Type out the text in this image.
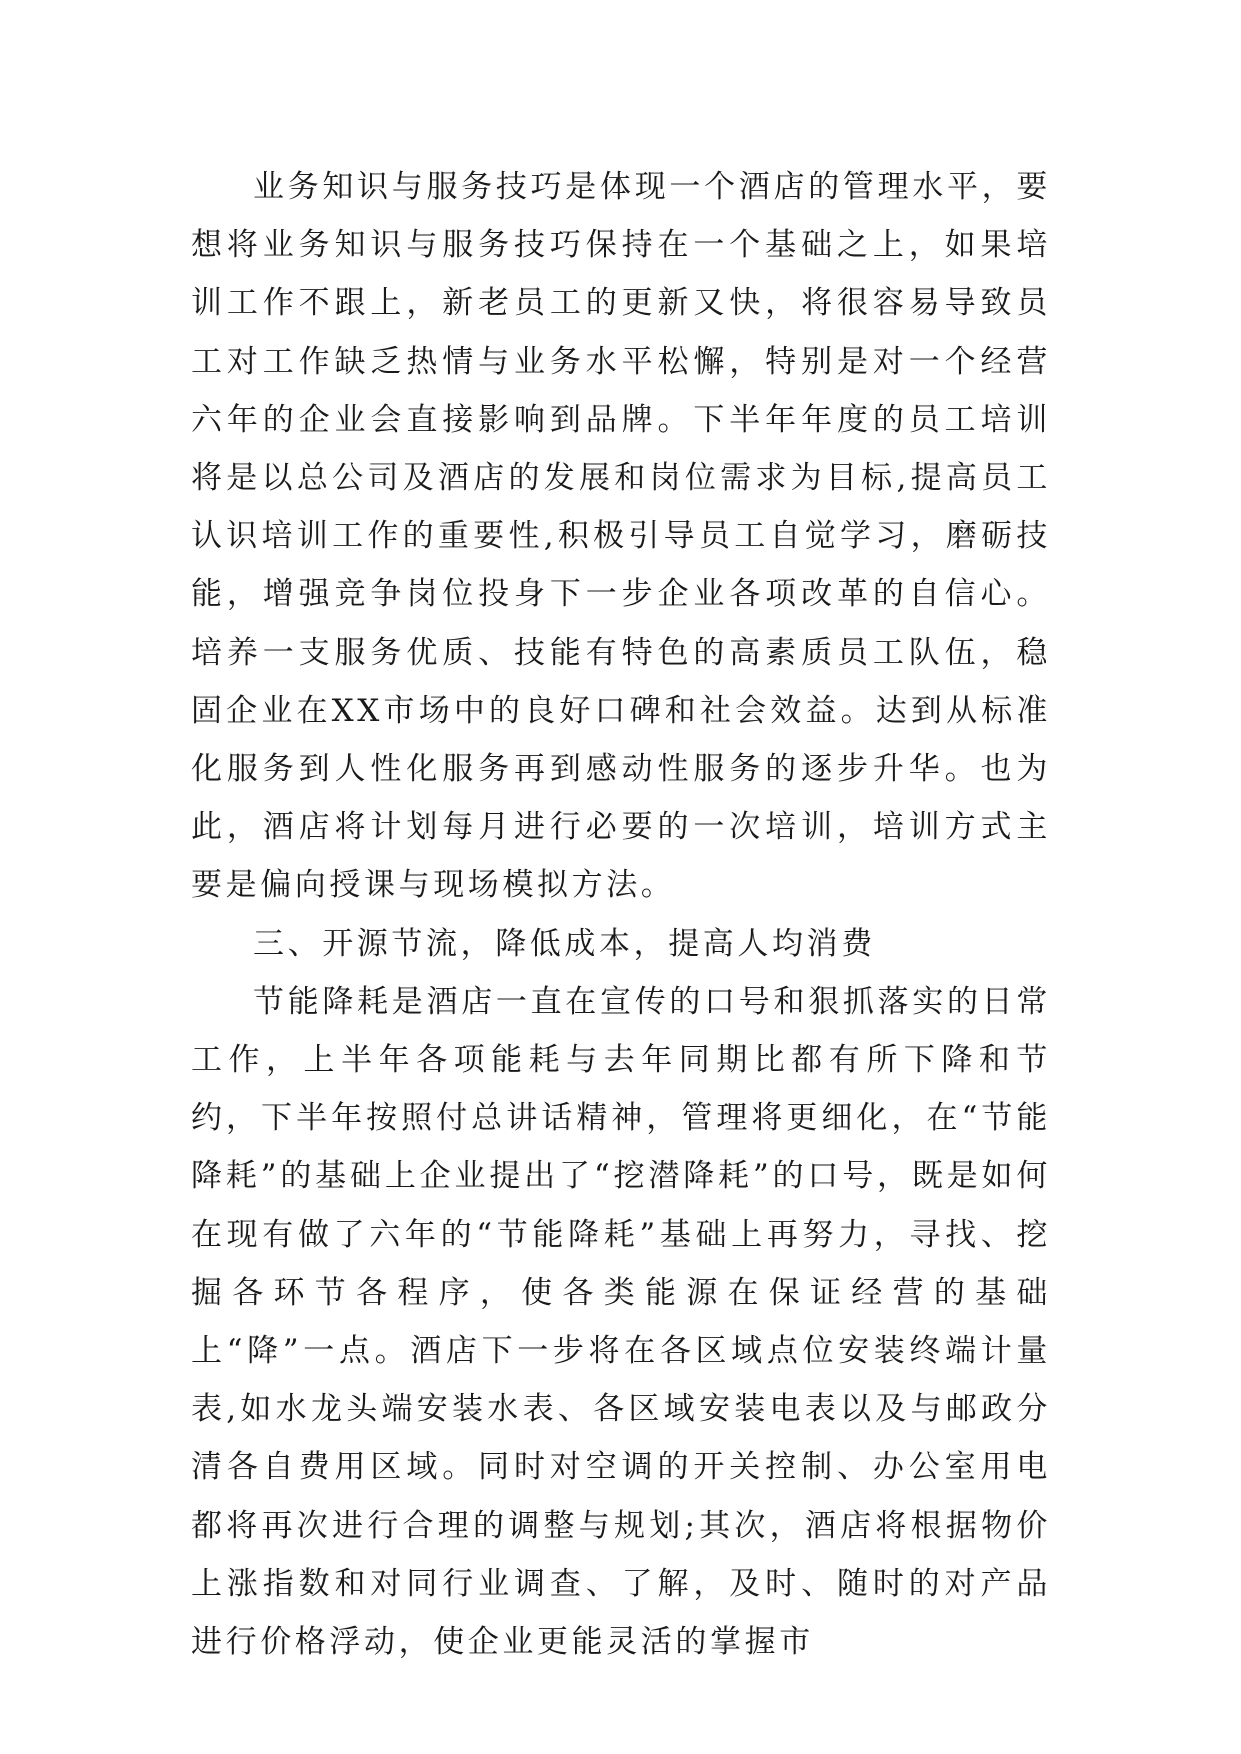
业务知识与服务技巧是体现一个酒店的管理水平，要想将业务知识与服务技巧保持在一个基础之上，如果培训工作不跟上，新老员工的更新又快，将很容易导致员工对工作缺乏热情与业务水平松懈，特别是对一个经营六年的企业会直接影响到品牌。下半年年度的员工培训将是以总公司及酒店的发展和岗位需求为目标,提高员工认识培训工作的重要性,积极引导员工自觉学习，磨砺技能，增强竞争岗位投身下一步企业各项改革的自信心。培养一支服务优质、技能有特色的高素质员工队伍，稳固企业在XX市场中的良好口碑和社会效益。达到从标准化服务到人性化服务再到感动性服务的逐步升华。也为此，酒店将计划每月进行必要的一次培训，培训方式主要是偏向授课与现场模拟方法。

三、开源节流，降低成本，提高人均消费

节能降耗是酒店一直在宣传的口号和狠抓落实的日常工作，上半年各项能耗与去年同期比都有所下降和节约，下半年按照付总讲话精神，管理将更细化，在“节能降耗”的基础上企业提出了“挖潜降耗”的口号，既是如何在现有做了六年的“节能降耗”基础上再努力，寻找、挖掘各环节各程序，使各类能源在保证经营的基础上“降”一点。酒店下一步将在各区域点位安装终端计量表,如水龙头端安装水表、各区域安装电表以及与邮政分清各自费用区域。同时对空调的开关控制、办公室用电都将再次进行合理的调整与规划;其次，酒店将根据物价上涨指数和对同行业调查、了解，及时、随时的对产品进行价格浮动，使企业更能灵活的掌握市
